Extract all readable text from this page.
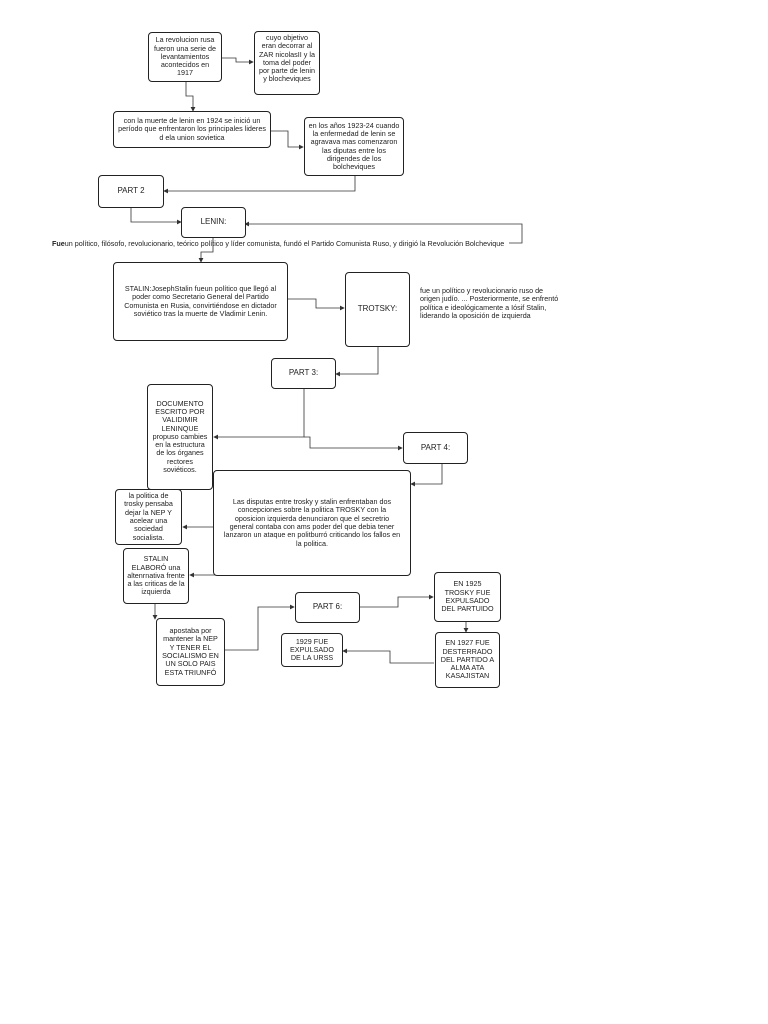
La revolucion rusa fueron una serie de levantamientos acontecidos en 1917
cuyo objetivo eran decorrar al ZAR nicolasII y la toma del poder por parte de lenin y blocheviques
con la muerte de lenin en 1924 se inició un período que enfrentaron los principales lideres d ela union sovietica
en los años 1923-24 cuando la enfermedad de lenin se agravava mas comenzaron las diputas entre los dirigendes de los bolcheviques
PART 2
LENIN:
Fueun político, filósofo, revolucionario, teórico político y líder comunista, fundó el Partido Comunista Ruso, y dirigió la Revolución Bolchevique
STALIN:JosephStalin fueun político que llegó al poder como Secretario General del Partido Comunista en Rusia, convirtiéndose en dictador soviético tras la muerte de Vladimir Lenin.	TROTSKY:
fue un político y revolucionario ruso de origen judío. ... Posteriormente, se enfrentó política e ideológicamente a Iósif Stalin, liderando la oposición de izquierda
PART 3:
DOCUMENTO ESCRITO POR VALIDIMIR LENINQUE propuso cambies en la estructura de los órganes rectores soviéticos.
PART 4:
Las disputas entre trosky y stalin enfrentaban dos concepciones sobre la politica TROSKY con la oposicion izquierda denunciaron que el secretrio general contaba con ams poder del que debia tener lanzaron un ataque en politburró criticando los fallos en la politica.
la politica de trosky pensaba dejar la NEP Y acelear una sociedad socialista.
STALIN ELABORÓ una altenrnativa frente a las criticas de la izquierda
apostaba por mantener la NEP Y TENER EL SOCIALISMO EN UN SOLO PAIS ESTA TRIUNFÓ
PART 6:
EN 1925 TROSKY FUE EXPULSADO DEL PARTUIDO
EN 1927 FUE DESTERRADO DEL PARTIDO A ALMA ATA KASAJISTAN
1929 FUE EXPULSADO DE LA URSS
